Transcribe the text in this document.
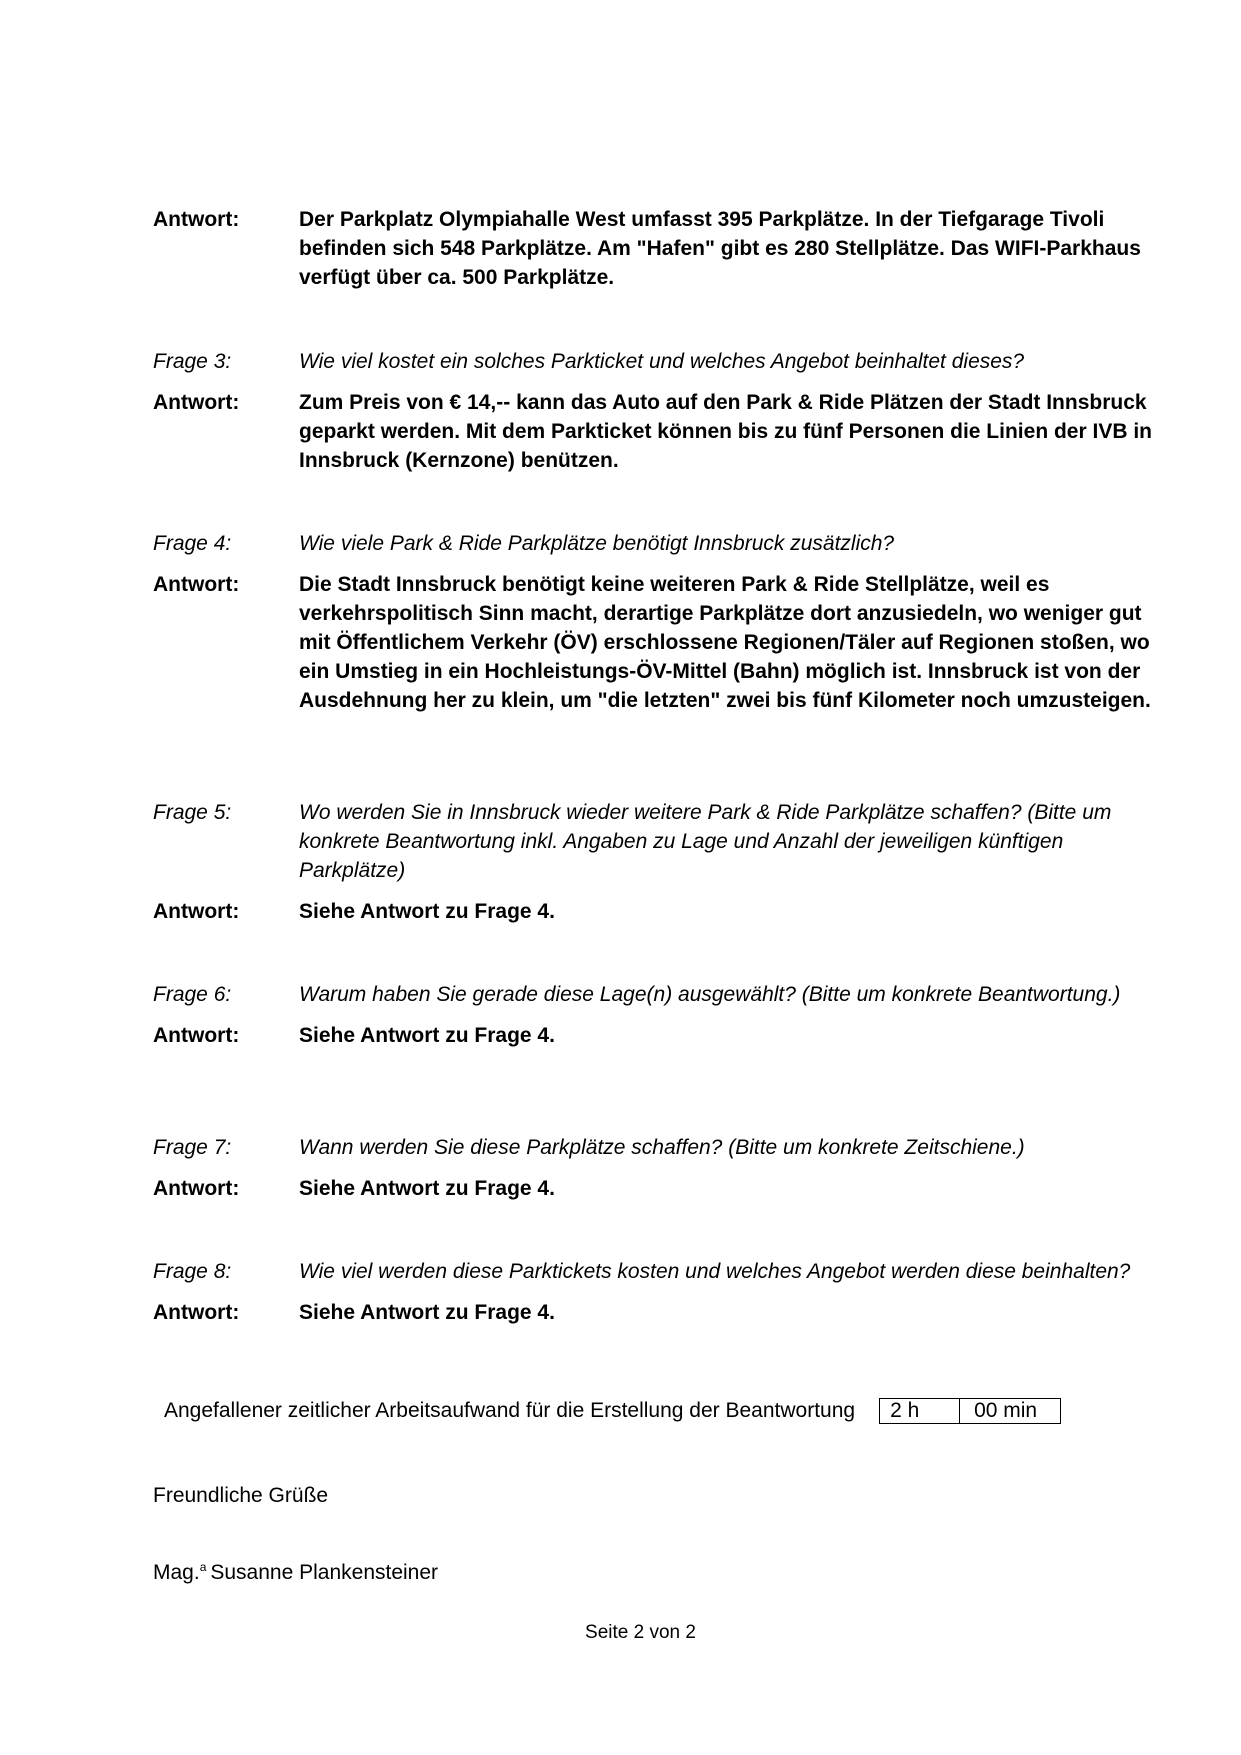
Antwort:	Der Parkplatz Olympiahalle West umfasst 395 Parkplätze. In der Tiefgarage Tivoli befinden sich 548 Parkplätze. Am "Hafen" gibt es 280 Stellplätze. Das WIFI-Parkhaus verfügt über ca. 500 Parkplätze.
Frage 3:	Wie viel kostet ein solches Parkticket und welches Angebot beinhaltet dieses?
Antwort:	Zum Preis von € 14,-- kann das Auto auf den Park & Ride Plätzen der Stadt Innsbruck geparkt werden. Mit dem Parkticket können bis zu fünf Personen die Linien der IVB in Innsbruck (Kernzone) benützen.
Frage 4:	Wie viele Park & Ride Parkplätze benötigt Innsbruck zusätzlich?
Antwort:	Die Stadt Innsbruck benötigt keine weiteren Park & Ride Stellplätze, weil es verkehrspolitisch Sinn macht, derartige Parkplätze dort anzusiedeln, wo weniger gut mit Öffentlichem Verkehr (ÖV) erschlossene Regionen/Täler auf Regionen stoßen, wo ein Umstieg in ein Hochleistungs-ÖV-Mittel (Bahn) möglich ist. Innsbruck ist von der Ausdehnung her zu klein, um "die letzten" zwei bis fünf Kilometer noch umzusteigen.
Frage 5:	Wo werden Sie in Innsbruck wieder weitere Park & Ride Parkplätze schaffen? (Bitte um konkrete Beantwortung inkl. Angaben zu Lage und Anzahl der jeweiligen künftigen Parkplätze)
Antwort:	Siehe Antwort zu Frage 4.
Frage 6:	Warum haben Sie gerade diese Lage(n) ausgewählt? (Bitte um konkrete Beantwortung.)
Antwort:	Siehe Antwort zu Frage 4.
Frage 7:	Wann werden Sie diese Parkplätze schaffen? (Bitte um konkrete Zeitschiene.)
Antwort:	Siehe Antwort zu Frage 4.
Frage 8:	Wie viel werden diese Parktickets kosten und welches Angebot werden diese beinhalten?
Antwort:	Siehe Antwort zu Frage 4.
Angefallener zeitlicher Arbeitsaufwand für die Erstellung der Beantwortung	2 h	00 min
Freundliche Grüße
Mag.$^a$ Susanne Plankensteiner
Seite 2 von 2
